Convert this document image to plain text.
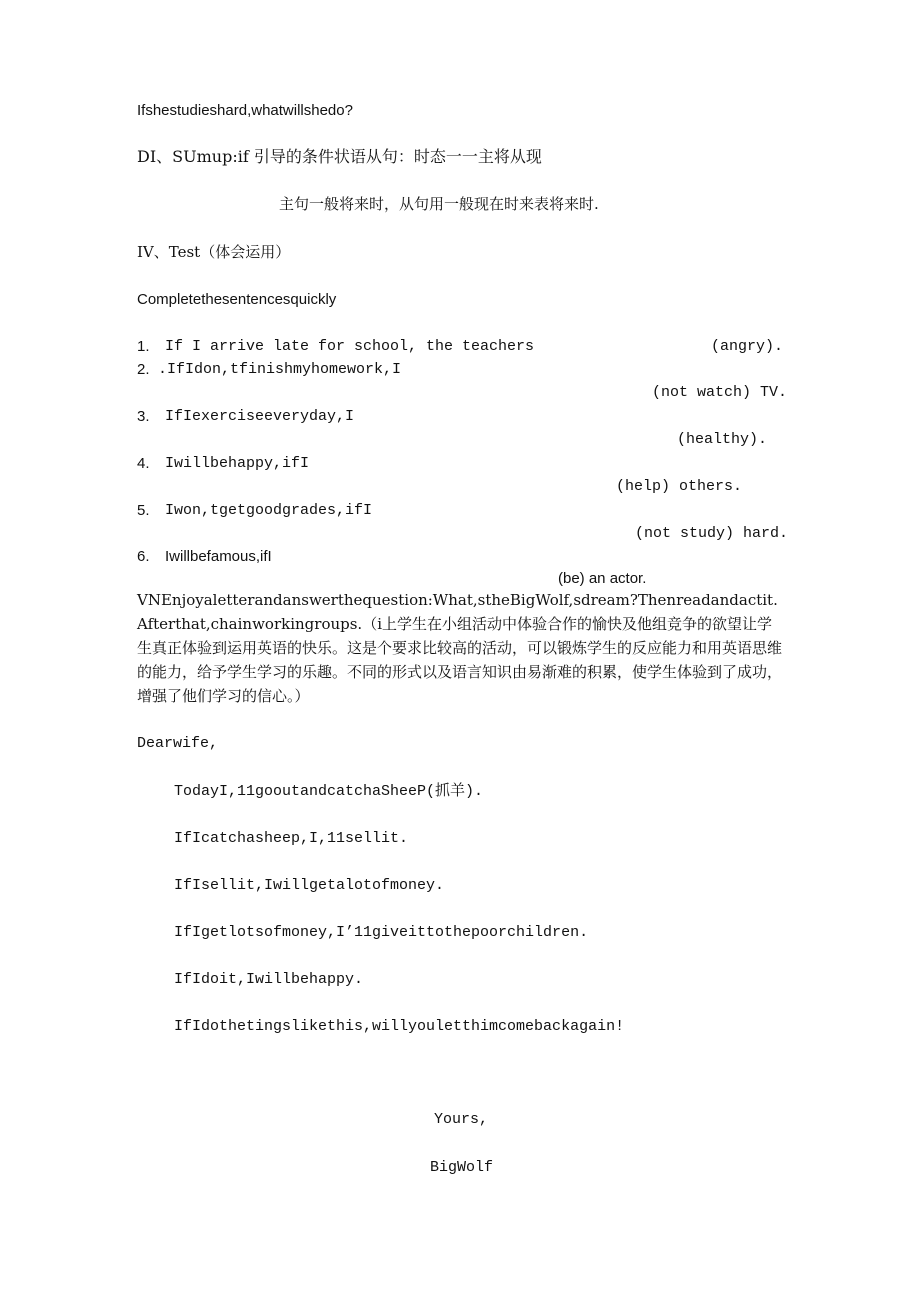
Ifshestudieshard,whatwillshedo?
DI、SUmup:if 引导的条件状语从句：时态一一主将从现
主句一般将来时，从句用一般现在时来表将来时.
IV、Test（体会运用）
Completethesentencesquickly
1. If I arrive late for school, the teachers	(angry).
2. .IfIdon,tfinishmyhomework,I
(not watch) TV.
3. IfIexerciseeveryday,I
(healthy).
4. Iwillbehappy,ifI
(help) others.
5. Iwon,tgetgoodgrades,ifI
(not study) hard.
6. Iwillbefamous,ifI
(be) an actor.
VNEnjoyaletterandanswerthequestion:What,stheBigWolf,sdream?Thenreadandactit.Afterthat,chainworkingroups.（i上学生在小组活动中体验合作的愉快及他组竞争的欲望让学生真正体验到运用英语的快乐。这是个要求比较高的活动，可以锻炼学生的反应能力和用英语思维的能力，给予学生学习的乐趣。不同的形式以及语言知识由易渐难的积累，使学生体验到了成功，增强了他们学习的信心。）
Dearwife,
TodayI,11gooutandcatchaSheeP(抓羊).
IfIcatchasheep,I,11sellit.
IfIsellit,Iwillgetalotofmoney.
IfIgetlotsofmoney,I’11giveittothepoorchildren.
IfIdoit,Iwillbehappy.
IfIdothetingslikethis,willyouletthimcomebackagain!
Yours,
BigWolf
